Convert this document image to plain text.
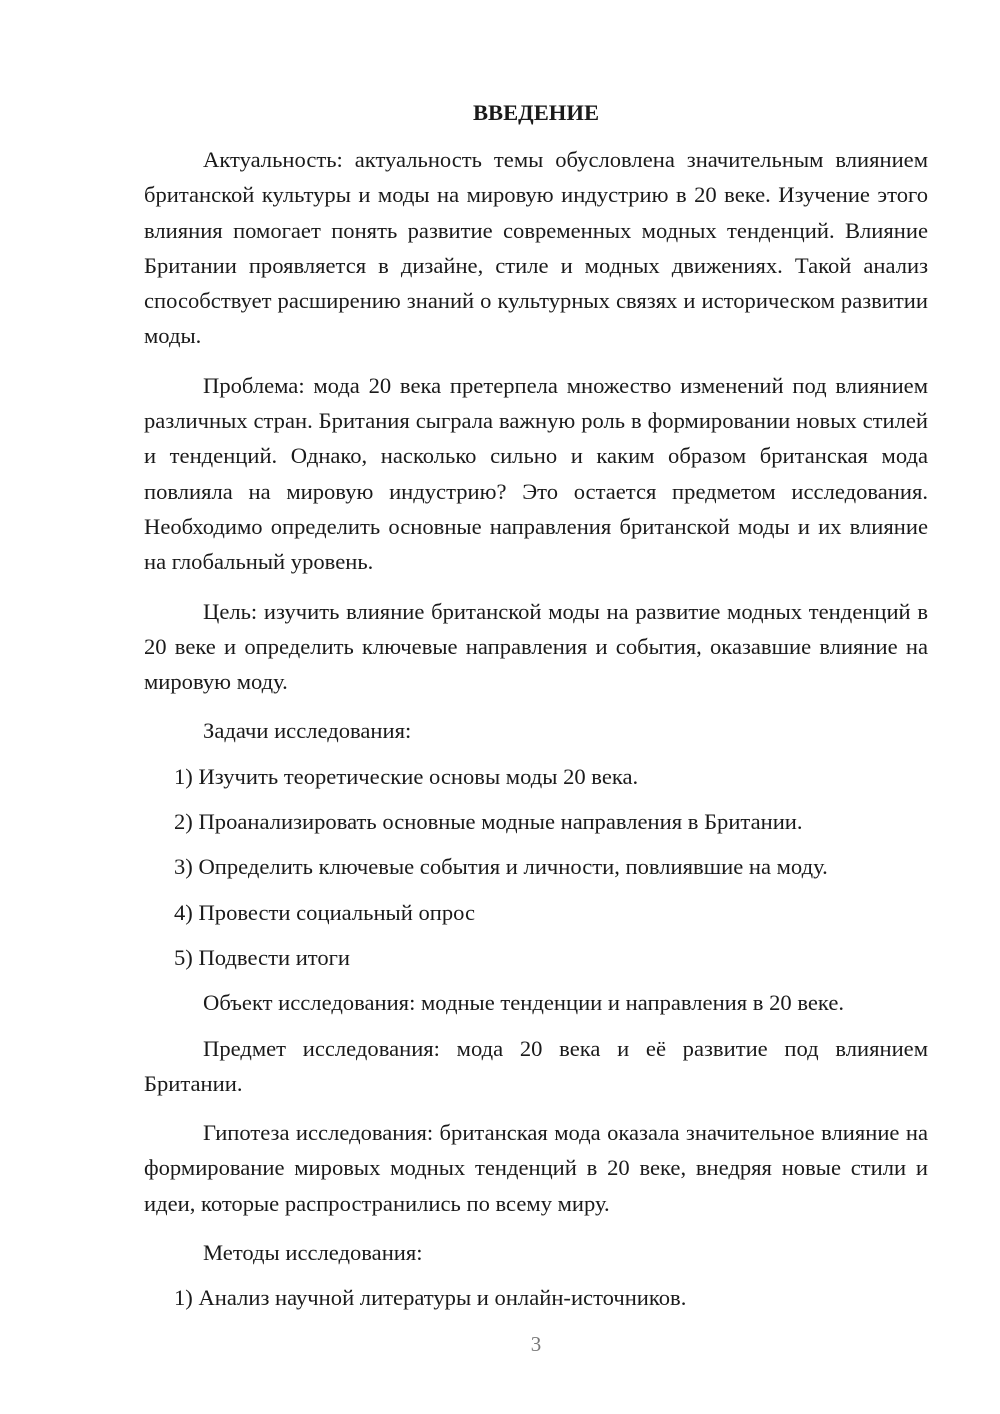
ВВЕДЕНИЕ

Актуальность: актуальность темы обусловлена значительным влиянием британской культуры и моды на мировую индустрию в 20 веке. Изучение этого влияния помогает понять развитие современных модных тенденций. Влияние Британии проявляется в дизайне, стиле и модных движениях. Такой анализ способствует расширению знаний о культурных связях и историческом развитии моды.

Проблема: мода 20 века претерпела множество изменений под влиянием различных стран. Британия сыграла важную роль в формировании новых стилей и тенденций. Однако, насколько сильно и каким образом британская мода повлияла на мировую индустрию? Это остается предметом исследования. Необходимо определить основные направления британской моды и их влияние на глобальный уровень.

Цель: изучить влияние британской моды на развитие модных тенденций в 20 веке и определить ключевые направления и события, оказавшие влияние на мировую моду.

Задачи исследования:

1) Изучить теоретические основы моды 20 века.

2) Проанализировать основные модные направления в Британии.

3) Определить ключевые события и личности, повлиявшие на моду.

4) Провести социальный опрос

5) Подвести итоги

Объект исследования: модные тенденции и направления в 20 веке.

Предмет исследования: мода 20 века и её развитие под влиянием Британии.

Гипотеза исследования: британская мода оказала значительное влияние на формирование мировых модных тенденций в 20 веке, внедряя новые стили и идеи, которые распространились по всему миру.

Методы исследования:

1) Анализ научной литературы и онлайн-источников.

3
